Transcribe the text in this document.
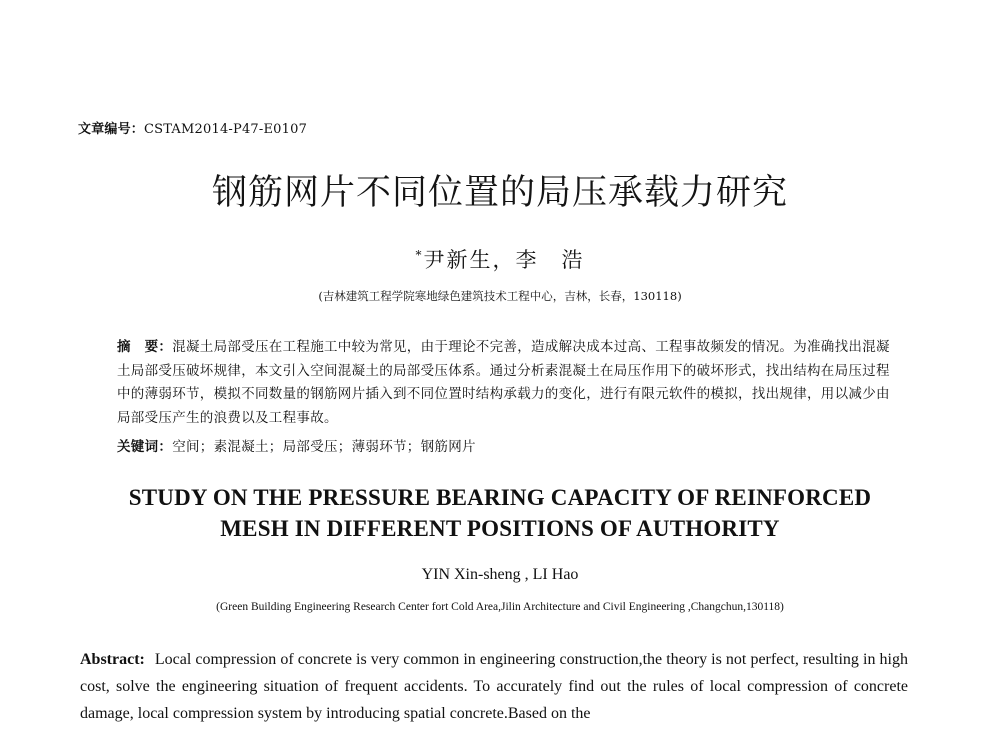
文章编号：CSTAM2014-P47-E0107
钢筋网片不同位置的局压承载力研究
*尹新生，李　浩
(吉林建筑工程学院寒地绿色建筑技术工程中心，吉林，长春，130118)
摘　要：混凝土局部受压在工程施工中较为常见，由于理论不完善，造成解决成本过高、工程事故频发的情况。为准确找出混凝土局部受压破坏规律，本文引入空间混凝土的局部受压体系。通过分析素混凝土在局压作用下的破坏形式，找出结构在局压过程中的薄弱环节，模拟不同数量的钢筋网片插入到不同位置时结构承载力的变化，进行有限元软件的模拟，找出规律，用以减少由局部受压产生的浪费以及工程事故。
关键词：空间；素混凝土；局部受压；薄弱环节；钢筋网片
STUDY ON THE PRESSURE BEARING CAPACITY OF REINFORCED
MESH IN DIFFERENT POSITIONS OF AUTHORITY
YIN Xin-sheng , LI Hao
(Green Building Engineering Research Center fort Cold Area,Jilin Architecture and Civil Engineering ,Changchun,130118)
Abstract: Local compression of concrete is very common in engineering construction,the theory is not perfect, resulting in high cost, solve the engineering situation of frequent accidents. To accurately find out the rules of local compression of concrete damage, local compression system by introducing spatial concrete.Based on the
